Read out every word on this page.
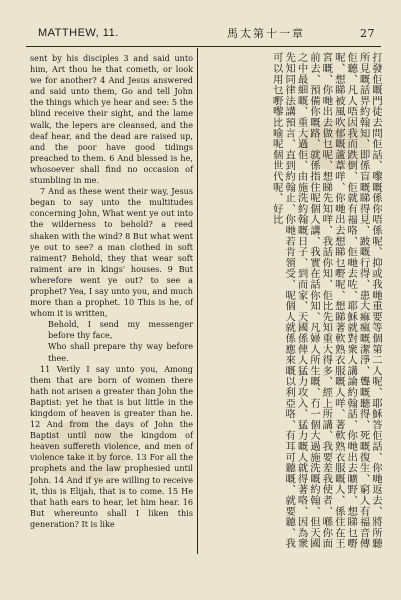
MATTHEW, 11.	馬太第十一章	27

sent by his disciples 3 and said unto him, Art thou he that cometh, or look we for another? 4 And Jesus answered and said unto them, Go and tell John the things which ye hear and see: 5 the blind receive their sight, and the lame walk, the lepers are cleansed, and the deaf hear, and the dead are raised up, and the poor have good tidings preached to them. 6 And blessed is he, whosoever shall find no occasion of stumbling in me.

7 And as these went their way, Jesus began to say unto the multitudes concerning John, What went ye out into the wilderness to behold? a reed shaken with the wind? 8 But what went ye out to see? a man clothed in soft raiment? Behold, they that wear soft raiment are in kings' houses. 9 But wherefore went ye out? to see a prophet? Yea, I say unto you, and much more than a prophet. 10 This is he, of whom it is written,

Behold, I send my messenger before thy face,

Who shall prepare thy way before thee.

11 Verily I say unto you, Among them that are born of women there hath not arisen a greater than John the Baptist: yet he that is but little in the kingdom of heaven is greater than he. 12 And from the days of John the Baptist until now the kingdom of heaven suffereth violence, and men of violence take it by force. 13 For all the prophets and the law prophesied until John. 14 And if ye are willing to receive it, this is Elijah, that is to come. 15 He that hath ears to hear, let him hear. 16 But whereunto shall I liken this generation? It is like	打發佢嘅門徒去問佢話、嚟嘅係你唔係呢、抑或我哋重要等個第二人呢、耶穌答佢話、你哋返去、將所聽所見嘅話畀約翰知、即係盲嘅睇得見、跛嘅行得、患大痲瘋嘅潔淨、聾嘅聽得、死嘅復生、窮人有福音傳佢聽、凡人唔因我而跌倒、佢就有福咯、佢哋去咗、耶穌就對衆人講論約翰話、你哋出去曠野、想睇乜嘢呢、想睇被風吹郁嘅蘆葦咩、你哋出去想睇乜嘢呢、想睇著軟熟衣服嘅人咩、著軟熟衣服嘅人、係住在王宮嘅、你哋出去做乜呢、想睇先知咩、我話你知、佢比先知重大得多、經上所講、我要差我使者、喺你面前去、預備你嘅路、就係指住呢個人講、我實在話你知、凡婦人所生嘅、冇一個大過施洗嘅約翰、但天國之中最細嘅、重大過佢、由施洗約翰嘅日子、到而家、天國係俾人猛力攻入、猛力嘅人就得著咯、因為衆先知同律法講預言、直到約翰止、你哋若肯領受、呢個人就係應來嘅以利亞咯、有耳可聽嘅、就要聽、我可以用乜嘢嚟比喻呢個世代呢、好比
